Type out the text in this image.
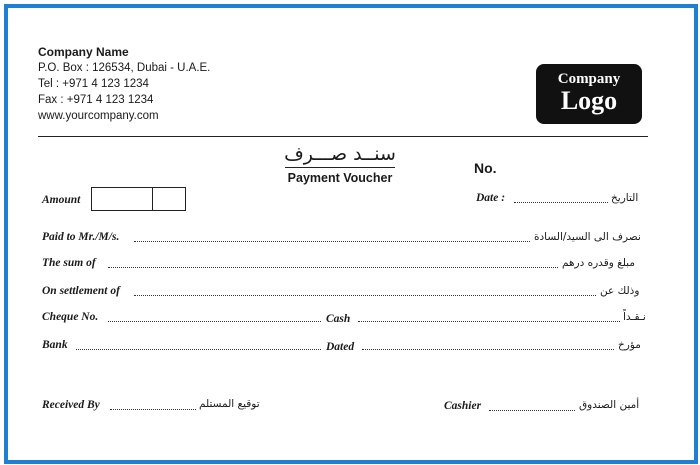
Company Name
P.O. Box : 126534, Dubai - U.A.E.
Tel : +971 4 123 1234
Fax : +971 4 123 1234
www.yourcompany.com
Company
Logo
سنــد صـــرف
Payment Voucher
No.
Amount	Date :	التاريخ
Paid to Mr./M/s.	نصرف الى السيد/السادة
The sum of	مبلغ وقدره درهم
On settlement of	وذلك عن
Cheque No.	Cash	نـقـداً
Bank	Dated	مؤرخ
Received By	توقيع المستلم	Cashier	أمين الصندوق
